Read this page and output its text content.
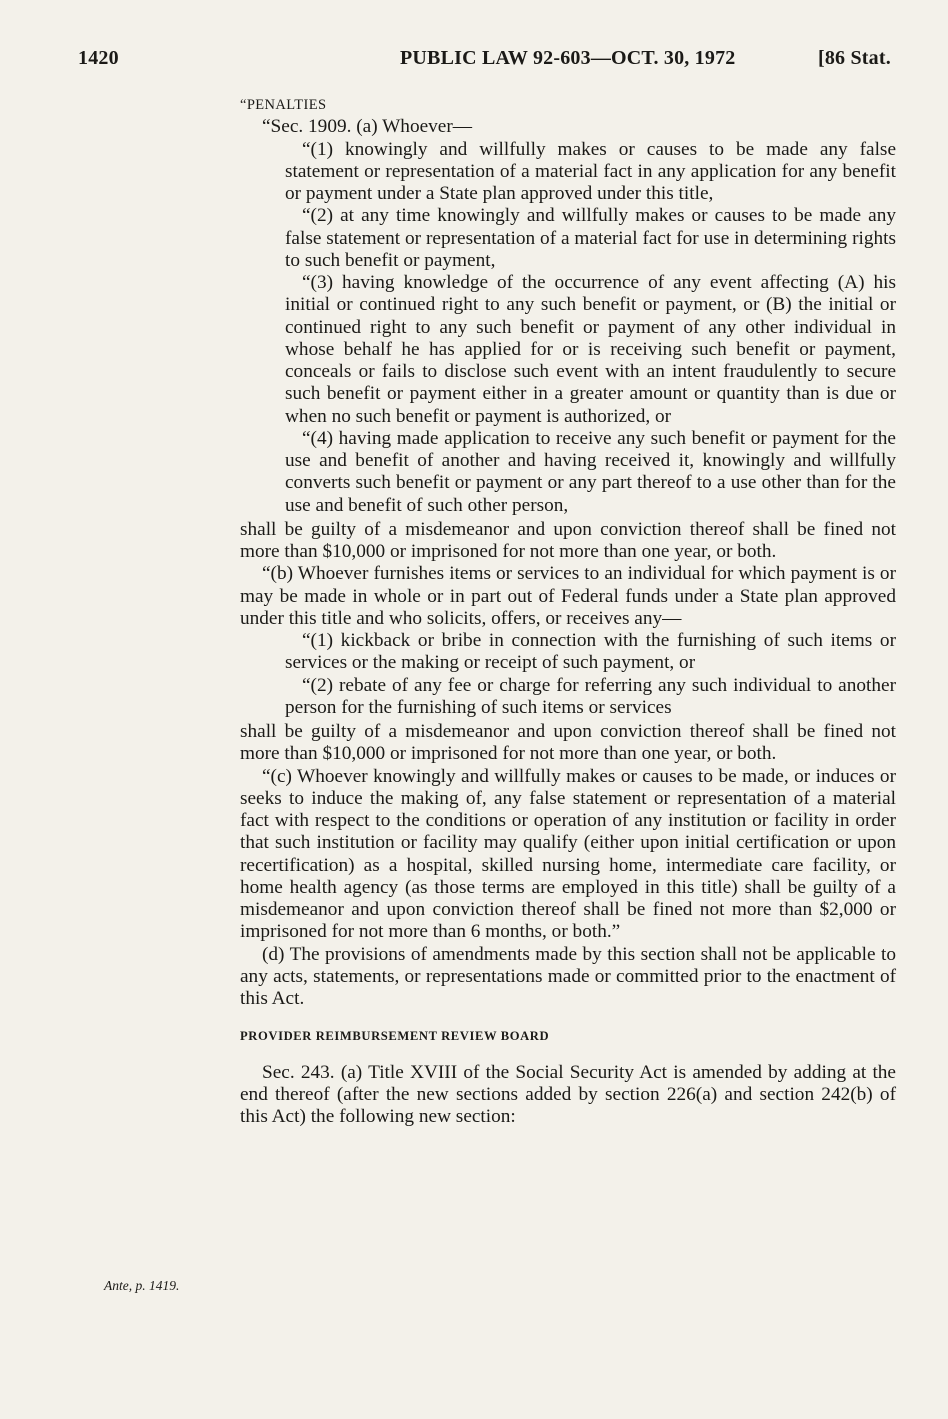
1420	PUBLIC LAW 92-603—OCT. 30, 1972	[86 Stat.

“PENALTIES

“Sec. 1909. (a) Whoever—

“(1) knowingly and willfully makes or causes to be made any false statement or representation of a material fact in any application for any benefit or payment under a State plan approved under this title,

“(2) at any time knowingly and willfully makes or causes to be made any false statement or representation of a material fact for use in determining rights to such benefit or payment,

“(3) having knowledge of the occurrence of any event affecting (A) his initial or continued right to any such benefit or payment, or (B) the initial or continued right to any such benefit or payment of any other individual in whose behalf he has applied for or is receiving such benefit or payment, conceals or fails to disclose such event with an intent fraudulently to secure such benefit or payment either in a greater amount or quantity than is due or when no such benefit or payment is authorized, or

“(4) having made application to receive any such benefit or payment for the use and benefit of another and having received it, knowingly and willfully converts such benefit or payment or any part thereof to a use other than for the use and benefit of such other person,

shall be guilty of a misdemeanor and upon conviction thereof shall be fined not more than $10,000 or imprisoned for not more than one year, or both.

“(b) Whoever furnishes items or services to an individual for which payment is or may be made in whole or in part out of Federal funds under a State plan approved under this title and who solicits, offers, or receives any—

“(1) kickback or bribe in connection with the furnishing of such items or services or the making or receipt of such payment, or

“(2) rebate of any fee or charge for referring any such individual to another person for the furnishing of such items or services

shall be guilty of a misdemeanor and upon conviction thereof shall be fined not more than $10,000 or imprisoned for not more than one year, or both.

“(c) Whoever knowingly and willfully makes or causes to be made, or induces or seeks to induce the making of, any false statement or representation of a material fact with respect to the conditions or operation of any institution or facility in order that such institution or facility may qualify (either upon initial certification or upon recertification) as a hospital, skilled nursing home, intermediate care facility, or home health agency (as those terms are employed in this title) shall be guilty of a misdemeanor and upon conviction thereof shall be fined not more than $2,000 or imprisoned for not more than 6 months, or both.”

(d) The provisions of amendments made by this section shall not be applicable to any acts, statements, or representations made or committed prior to the enactment of this Act.

PROVIDER REIMBURSEMENT REVIEW BOARD

Sec. 243. (a) Title XVIII of the Social Security Act is amended by adding at the end thereof (after the new sections added by section 226(a) and section 242(b) of this Act) the following new section:

Ante, p. 1419.
